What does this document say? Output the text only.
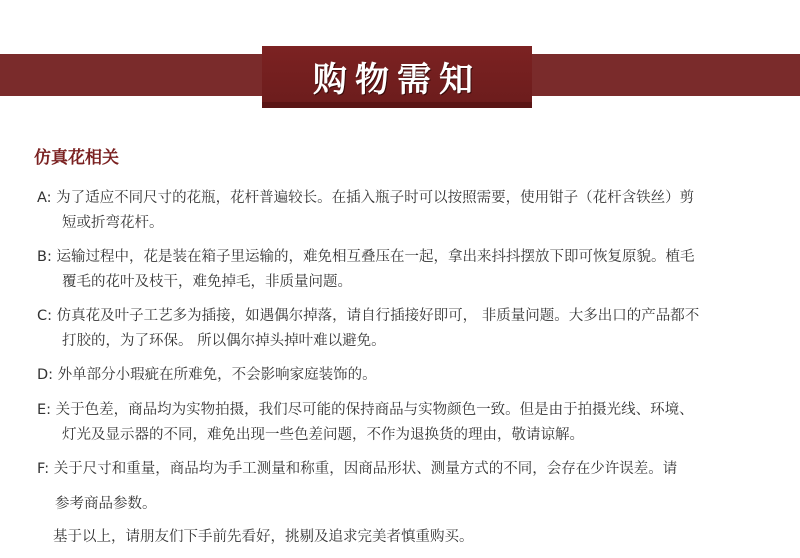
购物需知
仿真花相关

A: 为了适应不同尺寸的花瓶，花杆普遍较长。在插入瓶子时可以按照需要，使用钳子（花杆含铁丝）剪
短或折弯花杆。

B: 运输过程中，花是装在箱子里运输的，难免相互叠压在一起，拿出来抖抖摆放下即可恢复原貌。植毛
覆毛的花叶及枝干，难免掉毛，非质量问题。

C: 仿真花及叶子工艺多为插接，如遇偶尔掉落，请自行插接好即可， 非质量问题。大多出口的产品都不
打胶的，为了环保。 所以偶尔掉头掉叶难以避免。

D: 外单部分小瑕疵在所难免，不会影响家庭装饰的。

E: 关于色差，商品均为实物拍摄，我们尽可能的保持商品与实物颜色一致。但是由于拍摄光线、环境、
灯光及显示器的不同，难免出现一些色差问题，不作为退换货的理由，敬请谅解。

F: 关于尺寸和重量，商品均为手工测量和称重，因商品形状、测量方式的不同，会存在少许误差。请
参考商品参数。

基于以上，请朋友们下手前先看好，挑剔及追求完美者慎重购买。
